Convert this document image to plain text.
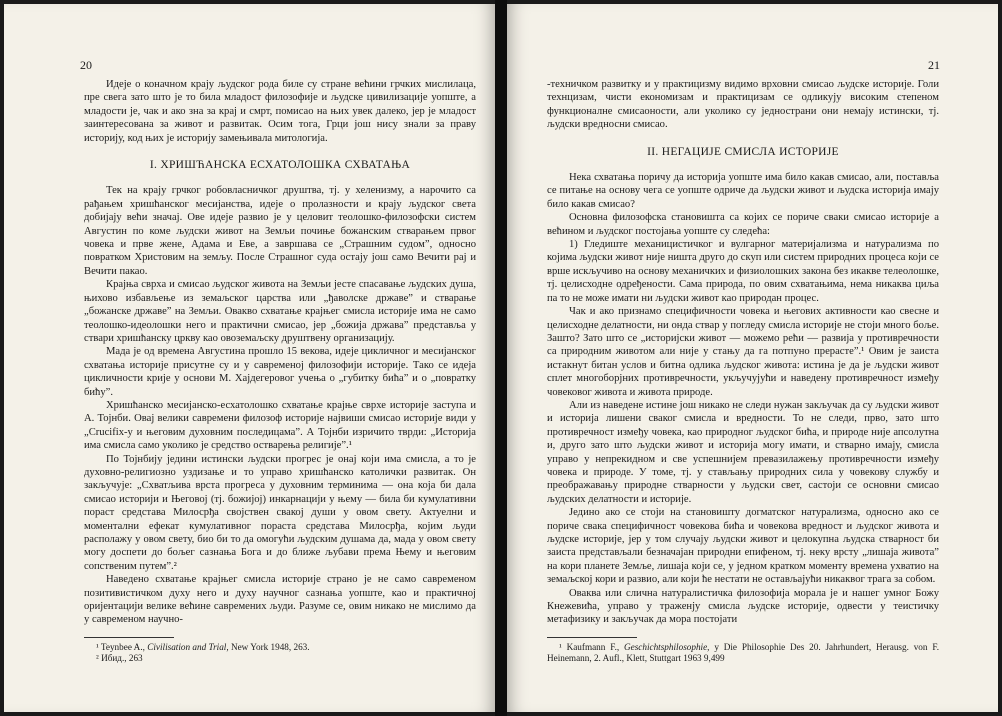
20

Идеје о коначном крају људског рода биле су стране већини грчких мислилаца, пре свега зато што је то била младост филозофије и људске цивилизације уопште, а младости је, чак и ако зна за крај и смрт, помисао на њих увек далеко, јер је младост заинтересована за живот и развитак. Осим тога, Грци још нису знали за праву историју, код њих је историју замењивала митологија.

I. ХРИШЋАНСКА ЕСХАТОЛОШКА СХВАТАЊА

Тек на крају грчког робовласничког друштва, тј. у хеленизму, а нарочито са рађањем хришћанског месијанства, идеје о пролазности и крају људског света добијају већи значај. Ове идеје развио је у целовит теолошко-филозофски систем Августин по коме људски живот на Земљи почиње божанским стварањем првог човека и прве жене, Адама и Еве, а завршава се „Страшним судом”, односно повратком Христовим на земљу. После Страшног суда остају још само Вечити рај и Вечити пакао.

Крајња сврха и смисао људског живота на Земљи јесте спасавање људских душа, њихово избављење из земаљског царства или „ђаволске државе” и стварање „божанске државе” на Земљи. Овакво схватање крајњег смисла историје има не само теолошко-идеолошки него и практични смисао, јер „божија држава” представља у ствари хришћанску цркву као овоземаљску друштвену организацију.

Мада је од времена Августина прошло 15 векова, идеје цикличног и месијанског схватања историје присутне су и у савременој филозофији историје. Тако се идеја цикличности крије у основи М. Хајдегеровог учења о „губитку бића” и о „повратку бићу”.

Хришћанско месијанско-есхатолошко схватање крајње сврхе историје заступа и А. Тојнби. Овај велики савремени филозоф историје највиши смисао историје види у „Crucifix-у и његовим духовним последицама”. А Тојнби изричито тврди: „Историја има смисла само уколико је средство остварења религије”.¹

По Тојнбију једини истински људски прогрес је онај који има смисла, а то је духовно-религиозно уздизање и то управо хришћанско католички развитак. Он закључује: „Схватљива врста прогреса у духовним терминима — она која би дала смисао историји и Његовој (тј. божијој) инкарнацији у њему — била би кумулативни пораст средстава Милосрђа својствен свакој души у овом свету. Актуелни и моментални ефекат кумулативног пораста средстава Милосрђа, којим људи располажу у овом свету, био би то да омогући људским душама да, мада у овом свету могу доспети до бољег сазнања Бога и до ближе љубави према Њему и његовим сопственим путем”.²

Наведено схватање крајњег смисла историје страно је не само савременом позитивистичком духу него и духу научног сазнања уопште, као и практичној оријентацији велике већине савремених људи. Разуме се, овим никако не мислимо да у савременом научно-

¹ Teynbee A., Civilisation and Trial, New York 1948, 263.

² Ибид., 263

21

-техничком развитку и у практицизму видимо врховни смисао људске историје. Голи технцизам, чисти економизам и практицизам се одликују високим степеном функционалне смисаоности, али уколико су једнострани они немају истински, тј. људски вредносни смисао.

II. НЕГАЦИЈЕ СМИСЛА ИСТОРИЈЕ

Нека схватања поричу да историја уопште има било какав смисао, али, постављa се питање на основу чега се уопште одриче да људски живот и људска историја имају било какав смисао?

Основна филозофска становишта са којих се пориче сваки смисао историје а већином и људског постојања уопште су следећа:

1) Гледиште механицистичког и вулгарног материјализма и натурализма по којима људски живот није ништа друго до скуп или систем природних процеса који се врше искључиво на основу механичких и физиолошких закона без икакве телеолошке, тј. целисходне одређености. Сама природа, по овим схватањима, нема никаква циља па то не може имати ни људски живот као природан процес.

Чак и ако признамо специфичности човека и његових активности као свесне и целисходне делатности, ни онда ствар у погледу смисла историје не стоји много боље. Зашто? Зато што се „историјски живот — можемо рећи — развија у противречности са природним животом али није у стању да га потпуно прерасте”.¹ Овим је заиста истакнут битан услов и битна одлика људског живота: истина је да је људски живот сплет многоборјних противречности, укључујући и наведену противречност између човековог живота и живота природе.

Али из наведене истине још никако не следи нужан закључак да су људски живот и историја лишени сваког смисла и вредности. То не следи, прво, зато што противречност између човека, као природног људског бића, и природе није апсолутна и, друго зато што људски живот и историја могу имати, и стварно имају, смисла управо у непрекидном и све успешнијем превазилажењу противречности између човека и природе. У томе, тј. у стављању природних сила у човекову службу и преображавању природне стварности у људски свет, састоји се основни смисао људских делатности и историје.

Једино ако се стоји на становишту догматског натурализма, односно ако се пориче свака специфичност човекова бића и човекова вредност и људског живота и људске историје, јер у том случају људски живот и целокупна људска стварност би заиста представљали безначајан природни епифеном, тј. неку врсту „лишаја живота” на кори планете Земље, лишаја који се, у једном кратком моменту времена ухватио на земаљској кори и развио, али који ће нестати не остављајући никаквог трага за собом.

Оваква или слична натуралистичка филозофија морала је и нашег умног Божу Кнежевића, управо у траженју смисла људске историје, одвести у теистичку метафизику и закључак да мора постојати

¹ Kaufmann F., Geschichtsphilosophie, у Die Philosophie Des 20. Jahrhundert, Herausg. von F. Heinemann, 2. Aufl., Klett, Stuttgart 1963 9,499
